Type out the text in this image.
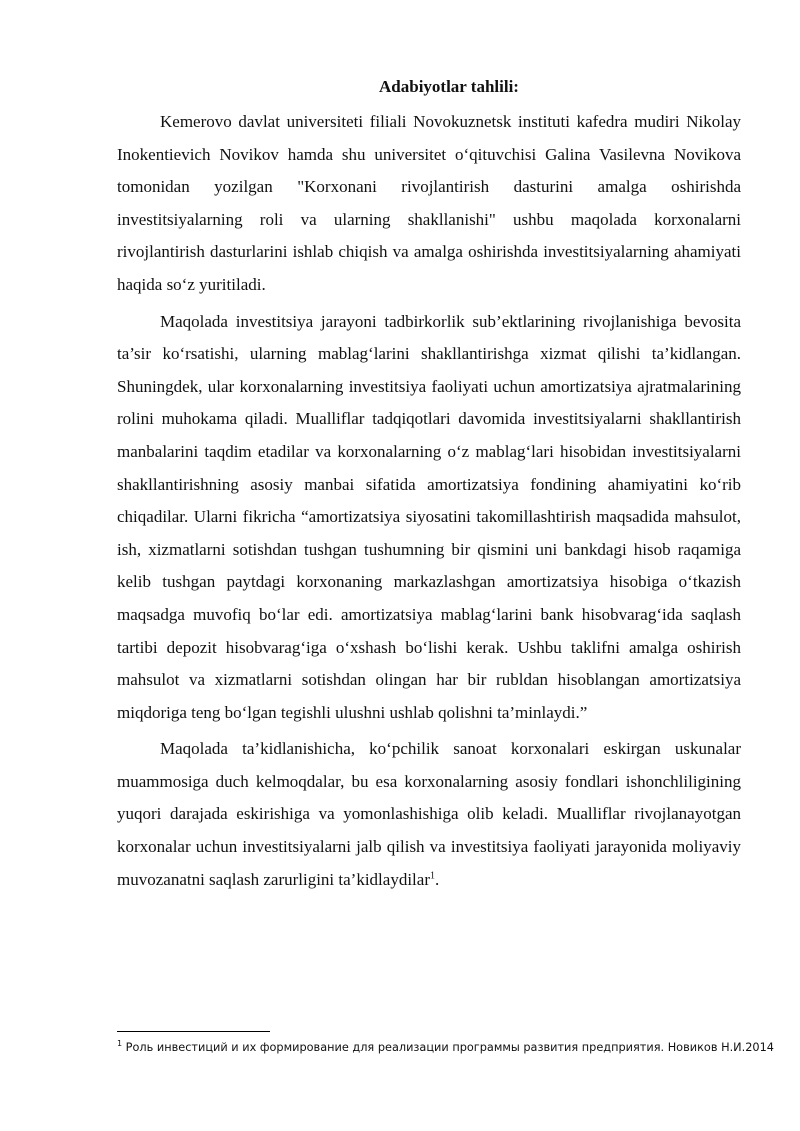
Adabiyotlar tahlili:

Kemerovo davlat universiteti filiali Novokuznetsk instituti kafedra mudiri Nikolay Inokentievich Novikov hamda shu universitet o‘qituvchisi Galina Vasilevna Novikova tomonidan yozilgan "Korxonani rivojlantirish dasturini amalga oshirishda investitsiyalarning roli va ularning shakllanishi" ushbu maqolada korxonalarni rivojlantirish dasturlarini ishlab chiqish va amalga oshirishda investitsiyalarning ahamiyati haqida so‘z yuritiladi.

Maqolada investitsiya jarayoni tadbirkorlik sub’ektlarining rivojlanishiga bevosita ta’sir ko‘rsatishi, ularning mablag‘larini shakllantirishga xizmat qilishi ta’kidlangan. Shuningdek, ular korxonalarning investitsiya faoliyati uchun amortizatsiya ajratmalarining rolini muhokama qiladi. Mualliflar tadqiqotlari davomida investitsiyalarni shakllantirish manbalarini taqdim etadilar va korxonalarning o‘z mablag‘lari hisobidan investitsiyalarni shakllantirishning asosiy manbai sifatida amortizatsiya fondining ahamiyatini ko‘rib chiqadilar. Ularni fikricha “amortizatsiya siyosatini takomillashtirish maqsadida mahsulot, ish, xizmatlarni sotishdan tushgan tushumning bir qismini uni bankdagi hisob raqamiga kelib tushgan paytdagi korxonaning markazlashgan amortizatsiya hisobiga o‘tkazish maqsadga muvofiq bo‘lar edi. amortizatsiya mablag‘larini bank hisobvarag‘ida saqlash tartibi depozit hisobvarag‘iga o‘xshash bo‘lishi kerak. Ushbu taklifni amalga oshirish mahsulot va xizmatlarni sotishdan olingan har bir rubldan hisoblangan amortizatsiya miqdoriga teng bo‘lgan tegishli ulushni ushlab qolishni ta’minlaydi.”

Maqolada ta’kidlanishicha, ko‘pchilik sanoat korxonalari eskirgan uskunalar muammosiga duch kelmoqdalar, bu esa korxonalarning asosiy fondlari ishonchliligining yuqori darajada eskirishiga va yomonlashishiga olib keladi. Mualliflar rivojlanayotgan korxonalar uchun investitsiyalarni jalb qilish va investitsiya faoliyati jarayonida moliyaviy muvozanatni saqlash zarurligini ta’kidlaydilar$^1$.

$^1$ Роль инвестиций и их формирование для реализации программы развития предприятия. Новиков Н.И.2014
